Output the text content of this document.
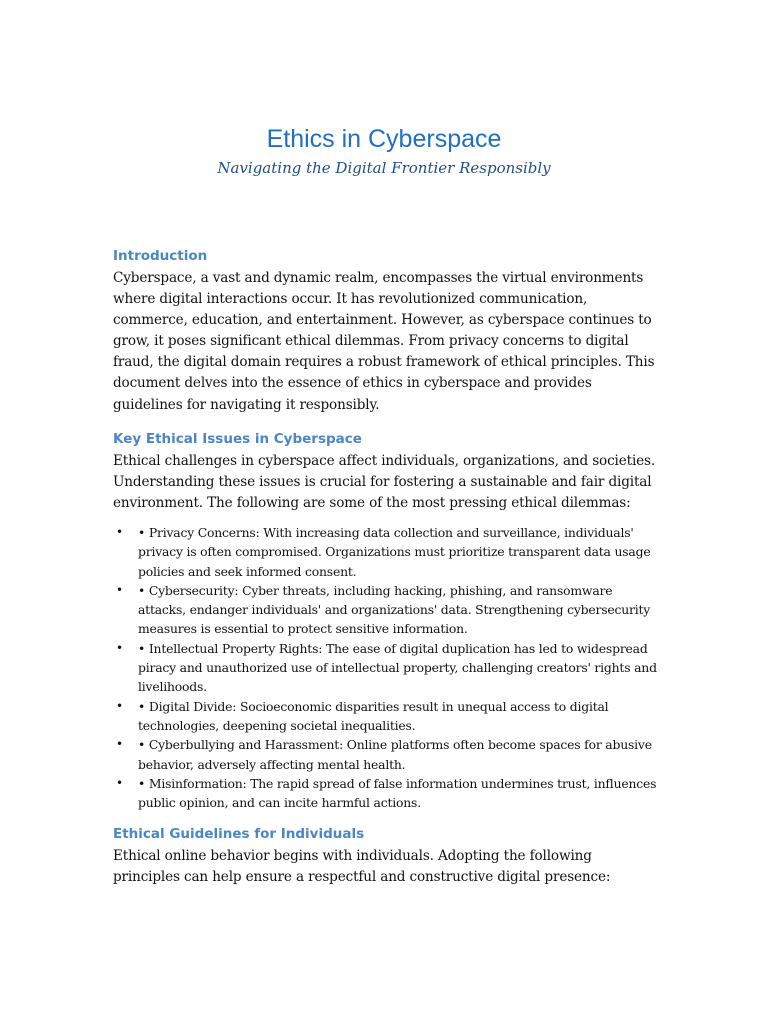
Ethics in Cyberspace

Navigating the Digital Frontier Responsibly

Introduction

Cyberspace, a vast and dynamic realm, encompasses the virtual environments where digital interactions occur. It has revolutionized communication, commerce, education, and entertainment. However, as cyberspace continues to grow, it poses significant ethical dilemmas. From privacy concerns to digital fraud, the digital domain requires a robust framework of ethical principles. This document delves into the essence of ethics in cyberspace and provides guidelines for navigating it responsibly.

Key Ethical Issues in Cyberspace

Ethical challenges in cyberspace affect individuals, organizations, and societies. Understanding these issues is crucial for fostering a sustainable and fair digital environment. The following are some of the most pressing ethical dilemmas:

• • Privacy Concerns: With increasing data collection and surveillance, individuals' privacy is often compromised. Organizations must prioritize transparent data usage policies and seek informed consent.
• • Cybersecurity: Cyber threats, including hacking, phishing, and ransomware attacks, endanger individuals' and organizations' data. Strengthening cybersecurity measures is essential to protect sensitive information.
• • Intellectual Property Rights: The ease of digital duplication has led to widespread piracy and unauthorized use of intellectual property, challenging creators' rights and livelihoods.
• • Digital Divide: Socioeconomic disparities result in unequal access to digital technologies, deepening societal inequalities.
• • Cyberbullying and Harassment: Online platforms often become spaces for abusive behavior, adversely affecting mental health.
• • Misinformation: The rapid spread of false information undermines trust, influences public opinion, and can incite harmful actions.
Ethical Guidelines for Individuals

Ethical online behavior begins with individuals. Adopting the following principles can help ensure a respectful and constructive digital presence:
